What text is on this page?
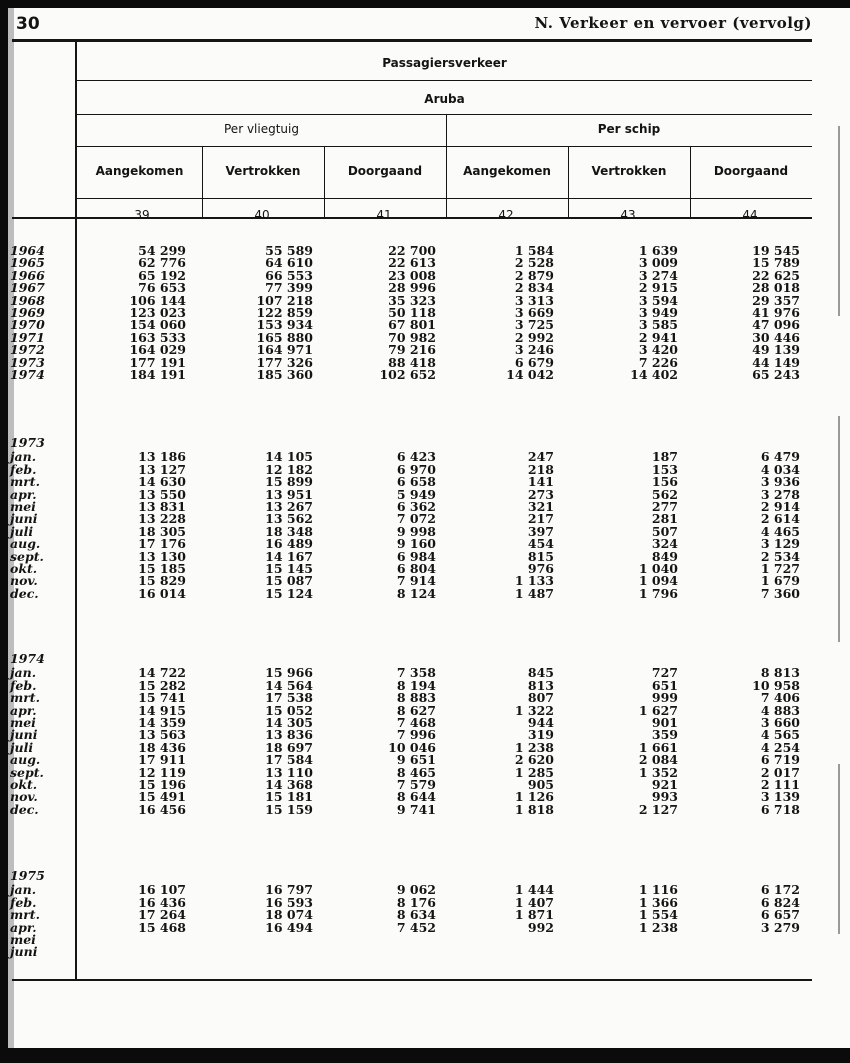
30	N. Verkeer en vervoer (vervolg)
Passagiersverkeer
Aruba
Per vliegtuig	Per schip
Aangekomen	Vertrokken	Doorgaand	Aangekomen	Vertrokken	Doorgaand
39	40	41	42	43	44
1964	54 299	55 589	22 700	1 584	1 639	19 545
1965	62 776	64 610	22 613	2 528	3 009	15 789
1966	65 192	66 553	23 008	2 879	3 274	22 625
1967	76 653	77 399	28 996	2 834	2 915	28 018
1968	106 144	107 218	35 323	3 313	3 594	29 357
1969	123 023	122 859	50 118	3 669	3 949	41 976
1970	154 060	153 934	67 801	3 725	3 585	47 096
1971	163 533	165 880	70 982	2 992	2 941	30 446
1972	164 029	164 971	79 216	3 246	3 420	49 139
1973	177 191	177 326	88 418	6 679	7 226	44 149
1974	184 191	185 360	102 652	14 042	14 402	65 243
1973
jan.	13 186	14 105	6 423	247	187	6 479
feb.	13 127	12 182	6 970	218	153	4 034
mrt.	14 630	15 899	6 658	141	156	3 936
apr.	13 550	13 951	5 949	273	562	3 278
mei	13 831	13 267	6 362	321	277	2 914
juni	13 228	13 562	7 072	217	281	2 614
juli	18 305	18 348	9 998	397	507	4 465
aug.	17 176	16 489	9 160	454	324	3 129
sept.	13 130	14 167	6 984	815	849	2 534
okt.	15 185	15 145	6 804	976	1 040	1 727
nov.	15 829	15 087	7 914	1 133	1 094	1 679
dec.	16 014	15 124	8 124	1 487	1 796	7 360
1974
jan.	14 722	15 966	7 358	845	727	8 813
feb.	15 282	14 564	8 194	813	651	10 958
mrt.	15 741	17 538	8 883	807	999	7 406
apr.	14 915	15 052	8 627	1 322	1 627	4 883
mei	14 359	14 305	7 468	944	901	3 660
juni	13 563	13 836	7 996	319	359	4 565
juli	18 436	18 697	10 046	1 238	1 661	4 254
aug.	17 911	17 584	9 651	2 620	2 084	6 719
sept.	12 119	13 110	8 465	1 285	1 352	2 017
okt.	15 196	14 368	7 579	905	921	2 111
nov.	15 491	15 181	8 644	1 126	993	3 139
dec.	16 456	15 159	9 741	1 818	2 127	6 718
1975
jan.	16 107	16 797	9 062	1 444	1 116	6 172
feb.	16 436	16 593	8 176	1 407	1 366	6 824
mrt.	17 264	18 074	8 634	1 871	1 554	6 657
apr.	15 468	16 494	7 452	992	1 238	3 279
mei
juni
